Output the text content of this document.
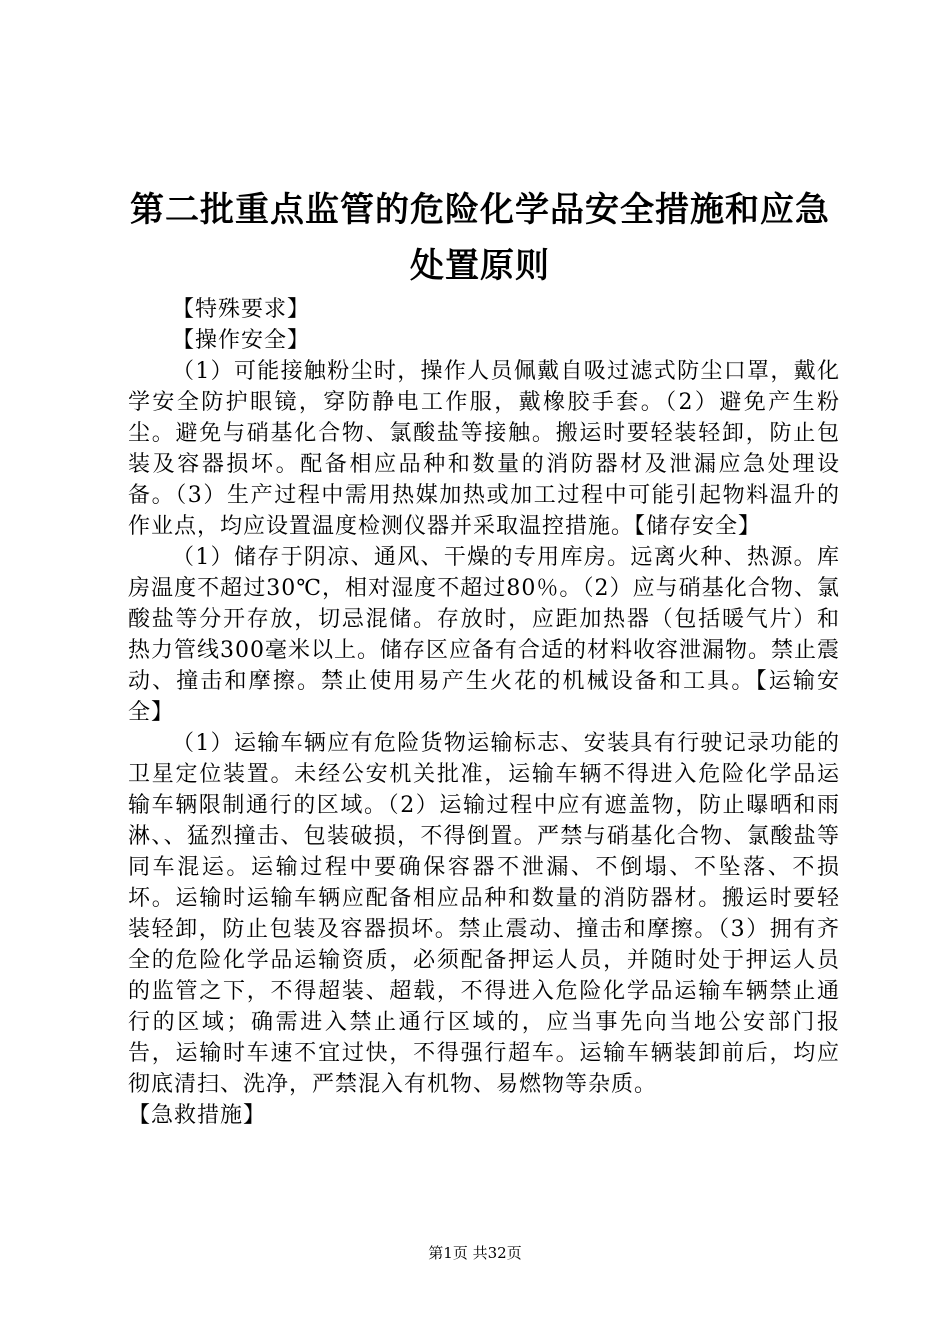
第二批重点监管的危险化学品安全措施和应急
处置原则

【特殊要求】

【操作安全】

（1）可能接触粉尘时，操作人员佩戴自吸过滤式防尘口罩，戴化学安全防护眼镜，穿防静电工作服，戴橡胶手套。（2）避免产生粉尘。避免与硝基化合物、氯酸盐等接触。搬运时要轻装轻卸，防止包装及容器损坏。配备相应品种和数量的消防器材及泄漏应急处理设备。（3）生产过程中需用热媒加热或加工过程中可能引起物料温升的作业点，均应设置温度检测仪器并采取温控措施。【储存安全】

（1）储存于阴凉、通风、干燥的专用库房。远离火种、热源。库房温度不超过30℃，相对湿度不超过80％。（2）应与硝基化合物、氯酸盐等分开存放，切忌混储。存放时，应距加热器（包括暖气片）和热力管线300毫米以上。储存区应备有合适的材料收容泄漏物。禁止震动、撞击和摩擦。禁止使用易产生火花的机械设备和工具。【运输安全】

（1）运输车辆应有危险货物运输标志、安装具有行驶记录功能的卫星定位装置。未经公安机关批准，运输车辆不得进入危险化学品运输车辆限制通行的区域。（2）运输过程中应有遮盖物，防止曝晒和雨淋、、猛烈撞击、包装破损，不得倒置。严禁与硝基化合物、氯酸盐等同车混运。运输过程中要确保容器不泄漏、不倒塌、不坠落、不损坏。运输时运输车辆应配备相应品种和数量的消防器材。搬运时要轻装轻卸，防止包装及容器损坏。禁止震动、撞击和摩擦。（3）拥有齐全的危险化学品运输资质，必须配备押运人员，并随时处于押运人员的监管之下，不得超装、超载，不得进入危险化学品运输车辆禁止通行的区域；确需进入禁止通行区域的，应当事先向当地公安部门报告，运输时车速不宜过快，不得强行超车。运输车辆装卸前后，均应彻底清扫、洗净，严禁混入有机物、易燃物等杂质。

【急救措施】

第1页 共32页
